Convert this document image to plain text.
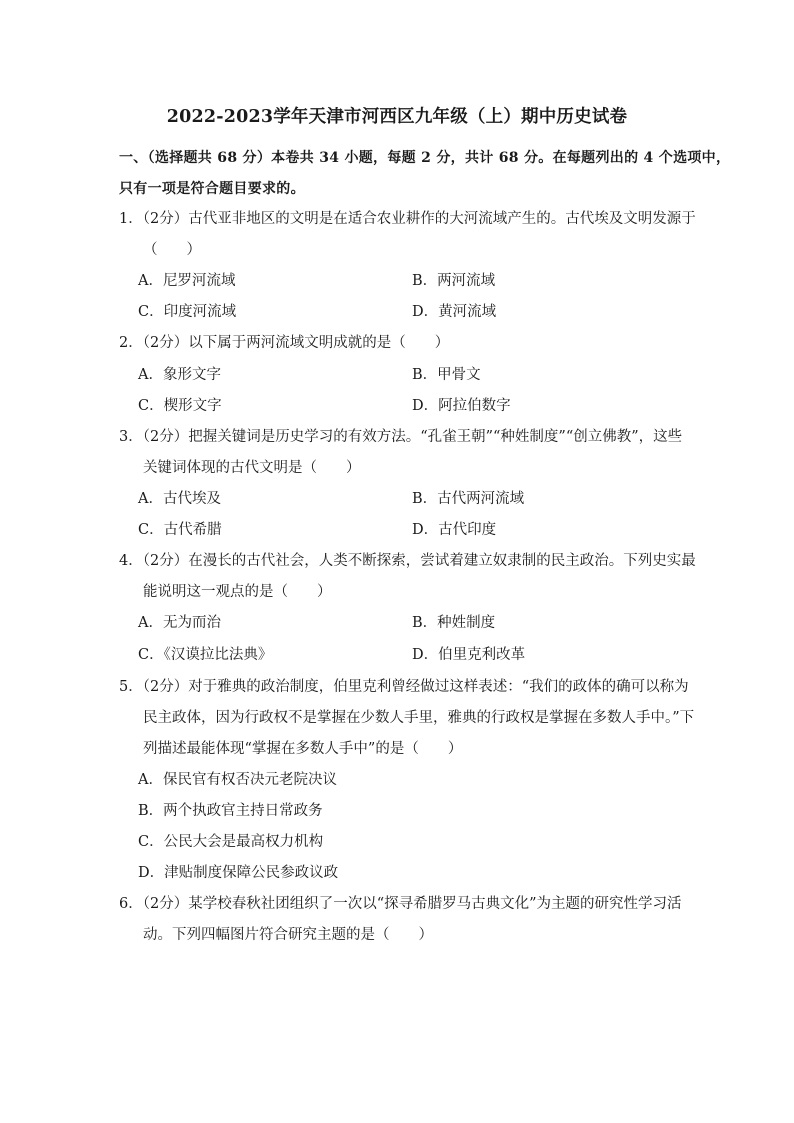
2022-2023学年天津市河西区九年级（上）期中历史试卷
一、（选择题共 68 分）本卷共 34 小题，每题 2 分，共计 68 分。在每题列出的 4 个选项中，
只有一项是符合题目要求的。
1．（2分）古代亚非地区的文明是在适合农业耕作的大河流域产生的。古代埃及文明发源于
（　　）
A．尼罗河流域	B．两河流域
C．印度河流域	D．黄河流域
2．（2分）以下属于两河流域文明成就的是（　　）
A．象形文字	B．甲骨文
C．楔形文字	D．阿拉伯数字
3．（2分）把握关键词是历史学习的有效方法。“孔雀王朝”“种姓制度”“创立佛教”，这些
关键词体现的古代文明是（　　）
A．古代埃及	B．古代两河流域
C．古代希腊	D．古代印度
4．（2分）在漫长的古代社会，人类不断探索，尝试着建立奴隶制的民主政治。下列史实最
能说明这一观点的是（　　）
A．无为而治	B．种姓制度
C．《汉谟拉比法典》	D．伯里克利改革
5．（2分）对于雅典的政治制度，伯里克利曾经做过这样表述：“我们的政体的确可以称为
民主政体，因为行政权不是掌握在少数人手里，雅典的行政权是掌握在多数人手中。”下
列描述最能体现“掌握在多数人手中”的是（　　）
A．保民官有权否决元老院决议
B．两个执政官主持日常政务
C．公民大会是最高权力机构
D．津贴制度保障公民参政议政
6．（2分）某学校春秋社团组织了一次以“探寻希腊罗马古典文化”为主题的研究性学习活
动。下列四幅图片符合研究主题的是（　　）
